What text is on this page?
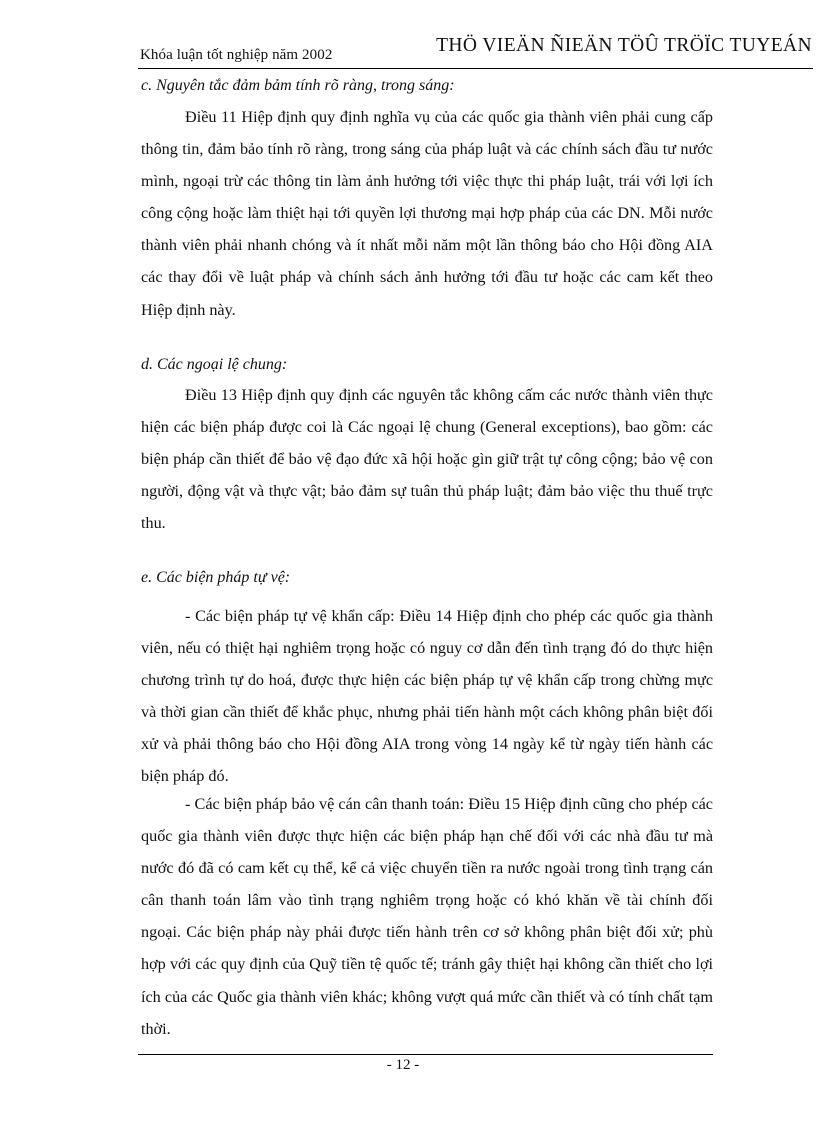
Khóa luận tốt nghiệp năm 2002	THÖ VIEÄN ÑIEÄN TÖÛ TRÖÏC TUYEÁN
c. Nguyên tắc đảm bảm tính rõ ràng, trong sáng:

Điều 11 Hiệp định quy định nghĩa vụ của các quốc gia thành viên phải cung cấp thông tin, đảm bảo tính rõ ràng, trong sáng của pháp luật và các chính sách đầu tư nước mình, ngoại trừ các thông tin làm ảnh hưởng tới việc thực thi pháp luật, trái với lợi ích công cộng hoặc làm thiệt hại tới quyền lợi thương mại hợp pháp của các DN. Mỗi nước thành viên phải nhanh chóng và ít nhất mỗi năm một lần thông báo cho Hội đồng AIA các thay đổi về luật pháp và chính sách ảnh hưởng tới đầu tư hoặc các cam kết theo Hiệp định này.

d. Các ngoại lệ chung:

Điều 13 Hiệp định quy định các nguyên tắc không cấm các nước thành viên thực hiện các biện pháp được coi là Các ngoại lệ chung (General exceptions), bao gồm: các biện pháp cần thiết để bảo vệ đạo đức xã hội hoặc gìn giữ trật tự công cộng; bảo vệ con người, động vật và thực vật; bảo đảm sự tuân thủ pháp luật; đảm bảo việc thu thuế trực thu.

e. Các biện pháp tự vệ:

- Các biện pháp tự vệ khẩn cấp: Điều 14 Hiệp định cho phép các quốc gia thành viên, nếu có thiệt hại nghiêm trọng hoặc có nguy cơ dẫn đến tình trạng đó do thực hiện chương trình tự do hoá, được thực hiện các biện pháp tự vệ khẩn cấp trong chừng mực và thời gian cần thiết để khắc phục, nhưng phải tiến hành một cách không phân biệt đối xử và phải thông báo cho Hội đồng AIA trong vòng 14 ngày kể từ ngày tiến hành các biện pháp đó.

- Các biện pháp bảo vệ cán cân thanh toán: Điều 15 Hiệp định cũng cho phép các quốc gia thành viên được thực hiện các biện pháp hạn chế đối với các nhà đầu tư mà nước đó đã có cam kết cụ thể, kể cả việc chuyển tiền ra nước ngoài trong tình trạng cán cân thanh toán lâm vào tình trạng nghiêm trọng hoặc có khó khăn về tài chính đối ngoại. Các biện pháp này phải được tiến hành trên cơ sở không phân biệt đối xử; phù hợp với các quy định của Quỹ tiền tệ quốc tế; tránh gây thiệt hại không cần thiết cho lợi ích của các Quốc gia thành viên khác; không vượt quá mức cần thiết và có tính chất tạm thời.

- 12 -
